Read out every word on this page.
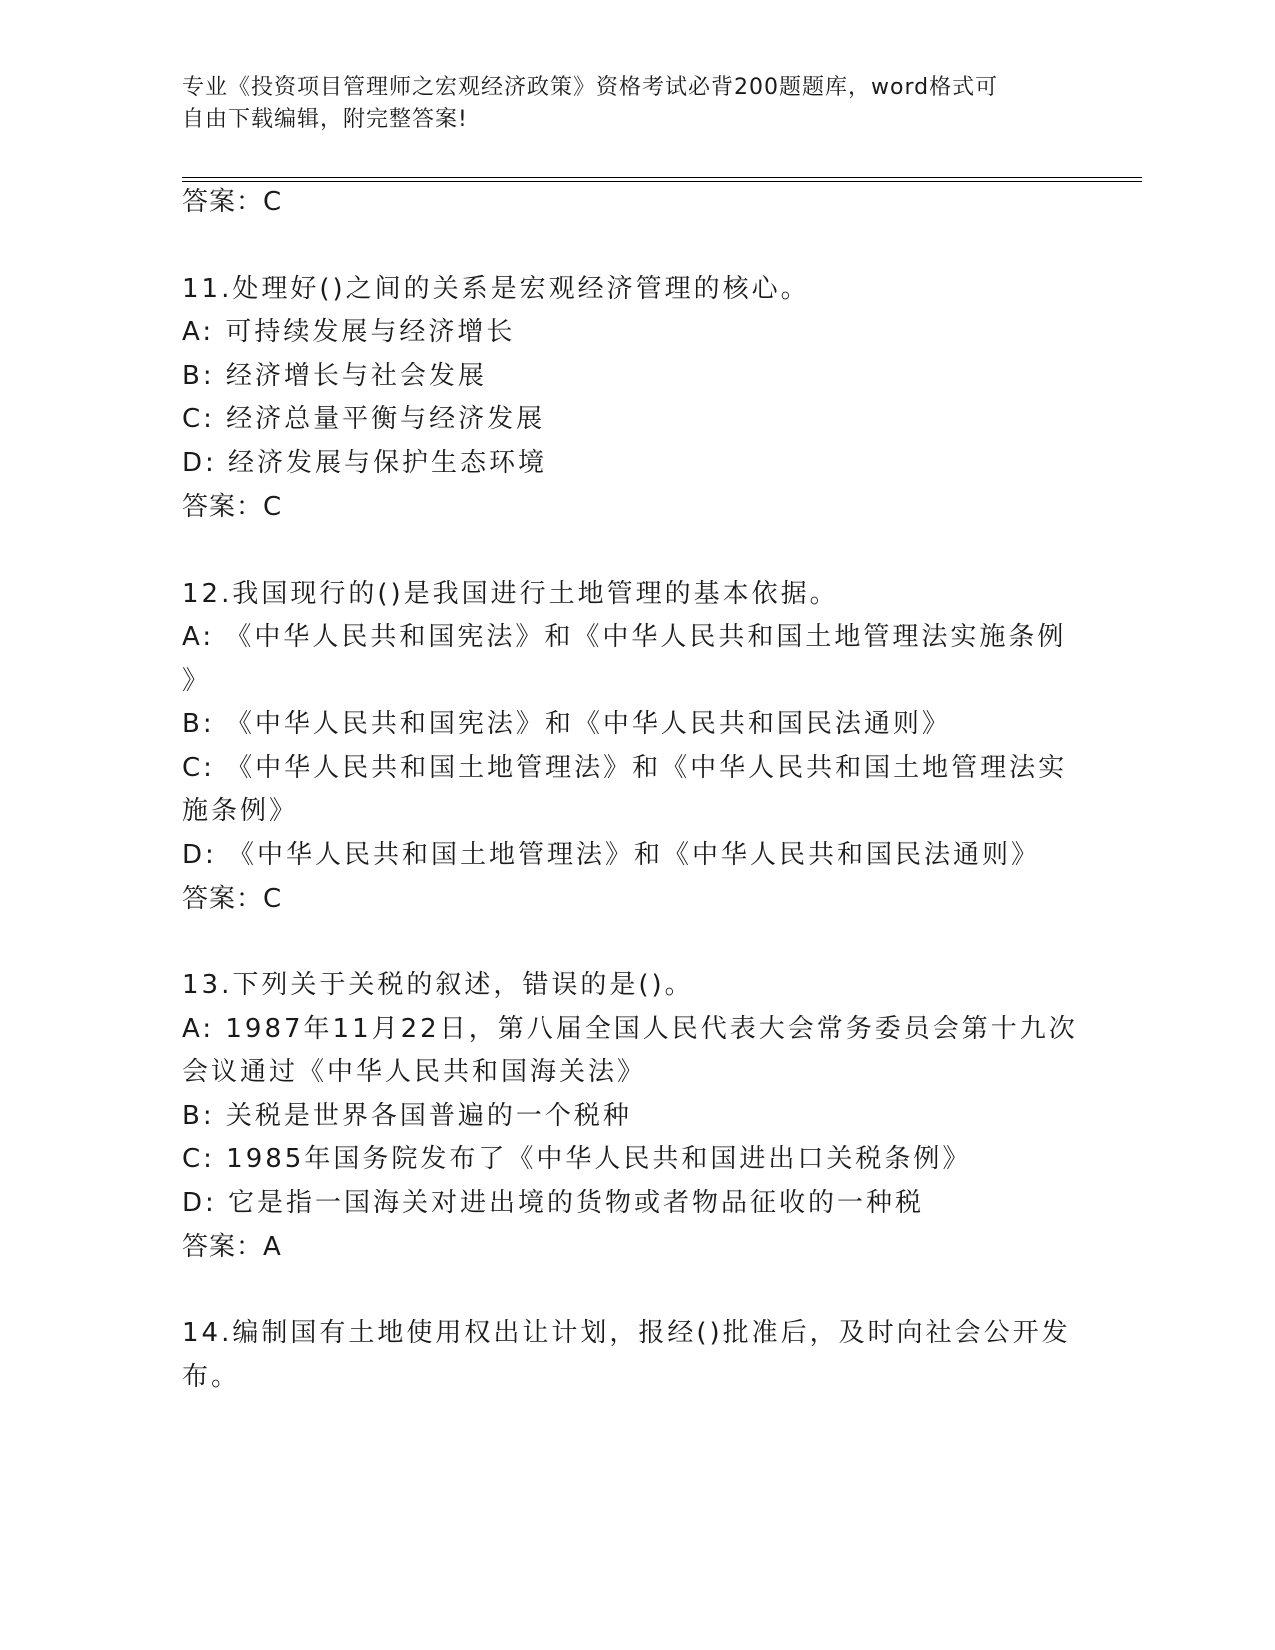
专业《投资项目管理师之宏观经济政策》资格考试必背200题题库，word格式可
自由下载编辑，附完整答案!

答案：C

11.处理好()之间的关系是宏观经济管理的核心。

A: 可持续发展与经济增长

B: 经济增长与社会发展

C: 经济总量平衡与经济发展

D: 经济发展与保护生态环境

答案：C

12.我国现行的()是我国进行土地管理的基本依据。

A: 《中华人民共和国宪法》和《中华人民共和国土地管理法实施条例

》

B: 《中华人民共和国宪法》和《中华人民共和国民法通则》

C: 《中华人民共和国土地管理法》和《中华人民共和国土地管理法实

施条例》

D: 《中华人民共和国土地管理法》和《中华人民共和国民法通则》

答案：C

13.下列关于关税的叙述，错误的是()。

A: 1987年11月22日，第八届全国人民代表大会常务委员会第十九次

会议通过《中华人民共和国海关法》

B: 关税是世界各国普遍的一个税种

C: 1985年国务院发布了《中华人民共和国进出口关税条例》

D: 它是指一国海关对进出境的货物或者物品征收的一种税

答案：A

14.编制国有土地使用权出让计划，报经()批准后，及时向社会公开发

布。
